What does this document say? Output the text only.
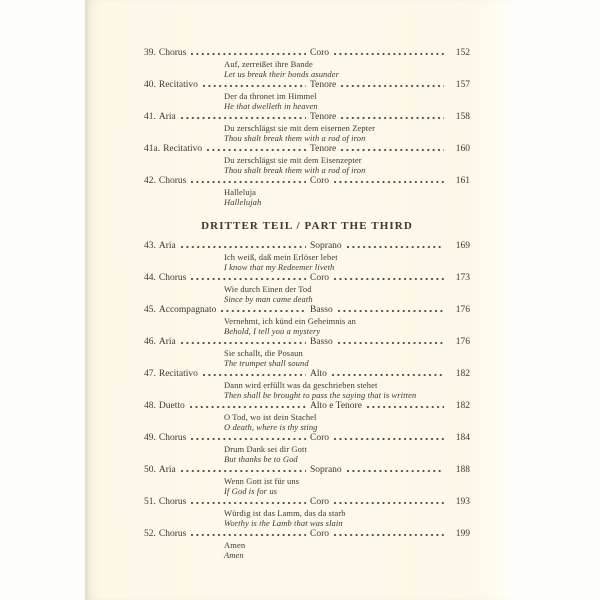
39. Chorus	Coro	152
Auf, zerreißet ihre Bande
Let us break their bonds asunder
40. Recitativo	Tenore	157
Der da thronet im Himmel
He that dwelleth in heaven
41. Aria	Tenore	158
Du zerschlägst sie mit dem eisernen Zepter
Thou shalt break them with a rod of iron
41a. Recitativo	Tenore	160
Du zerschlägst sie mit dem Eisenzepter
Thou shalt break them with a rod of iron
42. Chorus	Coro	161
Halleluja
Hallelujah
DRITTER TEIL / PART THE THIRD
43. Aria	Soprano	169
Ich weiß, daß mein Erlöser lebet
I know that my Redeemer liveth
44. Chorus	Coro	173
Wie durch Einen der Tod
Since by man came death
45. Accompagnato	Basso	176
Vernehmt, ich künd ein Geheimnis an
Behold, I tell you a mystery
46. Aria	Basso	176
Sie schallt, die Posaun
The trumpet shall sound
47. Recitativo	Alto	182
Dann wird erfüllt was da geschrieben stehet
Then shall be brought to pass the saying that is written
48. Duetto	Alto e Tenore	182
O Tod, wo ist dein Stachel
O death, where is thy sting
49. Chorus	Coro	184
Drum Dank sei dir Gott
But thanks be to God
50. Aria	Soprano	188
Wenn Gott ist für uns
If God is for us
51. Chorus	Coro	193
Würdig ist das Lamm, das da starb
Worthy is the Lamb that was slain
52. Chorus	Coro	199
Amen
Amen
